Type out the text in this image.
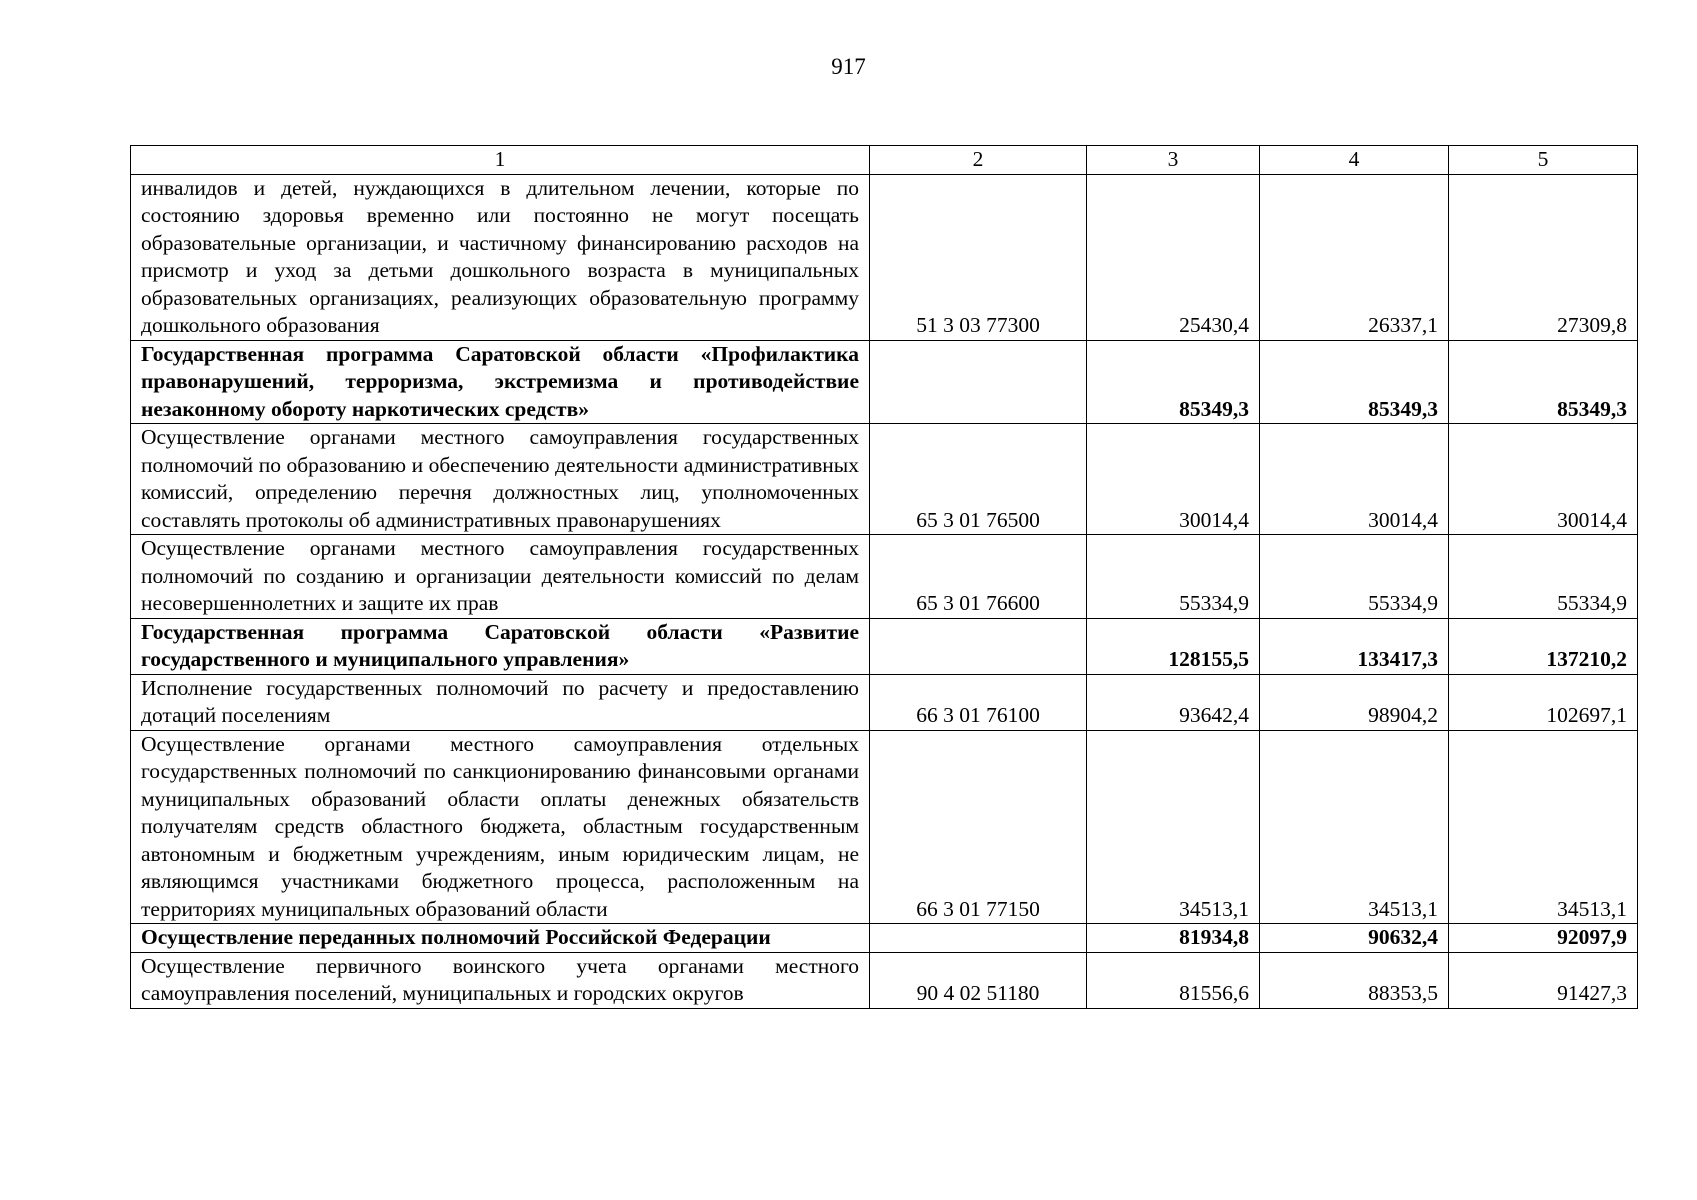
917
1	2	3	4	5
инвалидов и детей, нуждающихся в длительном лечении, которые по состоянию здоровья временно или постоянно не могут посещать образовательные организации, и частичному финансированию расходов на присмотр и уход за детьми дошкольного возраста в муниципальных образовательных организациях, реализующих образовательную программу дошкольного образования	51 3 03 77300	25430,4	26337,1	27309,8
Государственная программа Саратовской области «Профилактика правонарушений, терроризма, экстремизма и противодействие незаконному обороту наркотических средств»		85349,3	85349,3	85349,3
Осуществление органами местного самоуправления государственных полномочий по образованию и обеспечению деятельности административных комиссий, определению перечня должностных лиц, уполномоченных составлять протоколы об административных правонарушениях	65 3 01 76500	30014,4	30014,4	30014,4
Осуществление органами местного самоуправления государственных полномочий по созданию и организации деятельности комиссий по делам несовершеннолетних и защите их прав	65 3 01 76600	55334,9	55334,9	55334,9
Государственная программа Саратовской области «Развитие государственного и муниципального управления»		128155,5	133417,3	137210,2
Исполнение государственных полномочий по расчету и предоставлению дотаций поселениям	66 3 01 76100	93642,4	98904,2	102697,1
Осуществление органами местного самоуправления отдельных государственных полномочий по санкционированию финансовыми органами муниципальных образований области оплаты денежных обязательств получателям средств областного бюджета, областным государственным автономным и бюджетным учреждениям, иным юридическим лицам, не являющимся участниками бюджетного процесса, расположенным на территориях муниципальных образований области	66 3 01 77150	34513,1	34513,1	34513,1
Осуществление переданных полномочий Российской Федерации		81934,8	90632,4	92097,9
Осуществление первичного воинского учета органами местного самоуправления поселений, муниципальных и городских округов	90 4 02 51180	81556,6	88353,5	91427,3
